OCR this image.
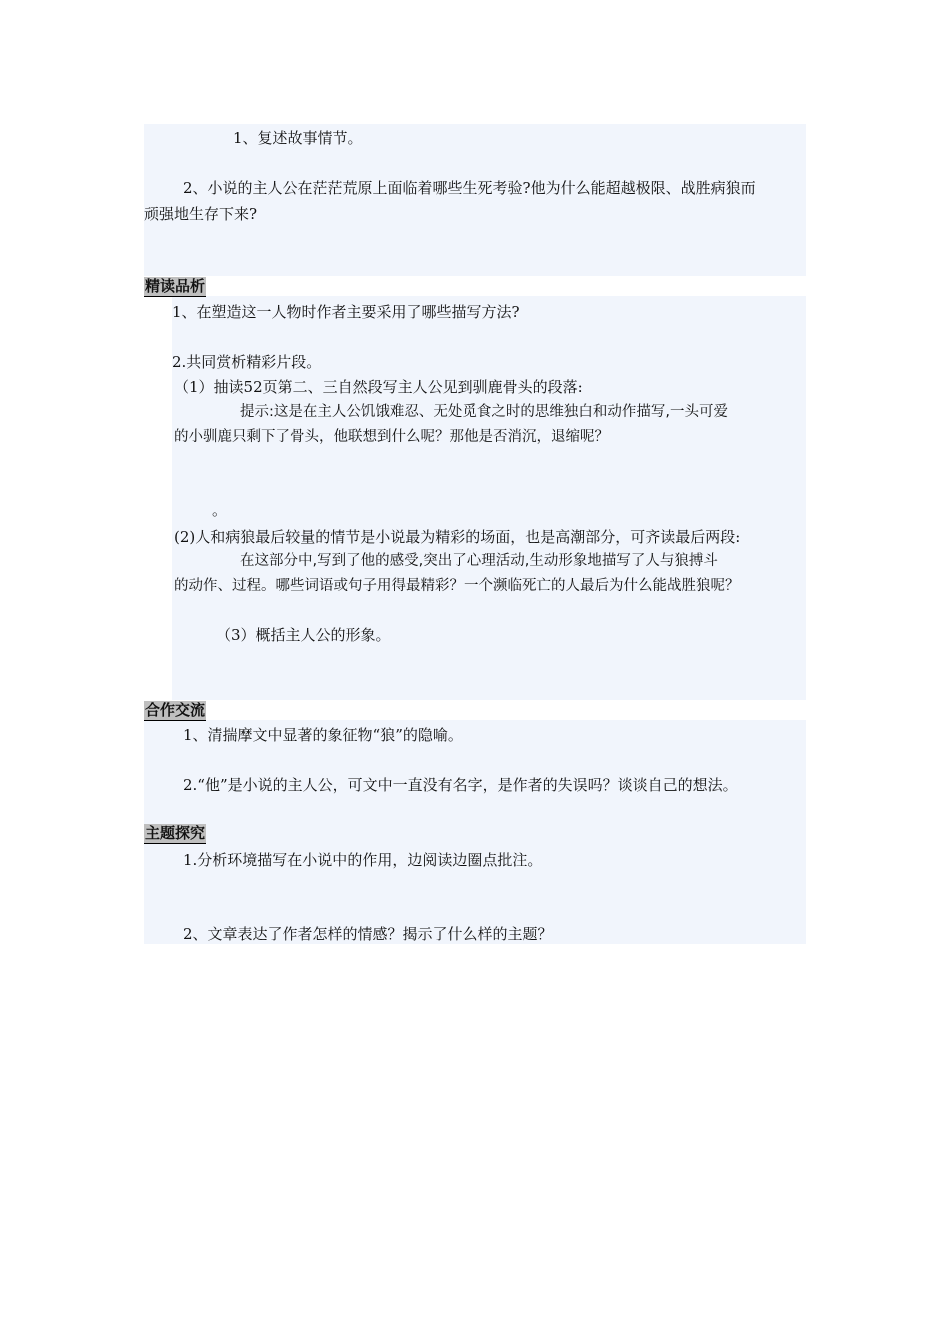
1、复述故事情节。
2、小说的主人公在茫茫荒原上面临着哪些生死考验?他为什么能超越极限、战胜病狼而
顽强地生存下来?
精读品析
1、在塑造这一人物时作者主要采用了哪些描写方法?
2.共同赏析精彩片段。
（1）抽读52页第二、三自然段写主人公见到驯鹿骨头的段落:
提示:这是在主人公饥饿难忍、无处觅食之时的思维独白和动作描写,一头可爱
的小驯鹿只剩下了骨头，他联想到什么呢？那他是否消沉，退缩呢？
。
(2)人和病狼最后较量的情节是小说最为精彩的场面，也是高潮部分，可齐读最后两段:
在这部分中,写到了他的感受,突出了心理活动,生动形象地描写了人与狼搏斗
的动作、过程。哪些词语或句子用得最精彩？一个濒临死亡的人最后为什么能战胜狼呢？
（3）概括主人公的形象。
合作交流
1、清揣摩文中显著的象征物“狼”的隐喻。
2.“他”是小说的主人公，可文中一直没有名字，是作者的失误吗？谈谈自己的想法。
主题探究
1.分析环境描写在小说中的作用，边阅读边圈点批注。
2、文章表达了作者怎样的情感？揭示了什么样的主题？
